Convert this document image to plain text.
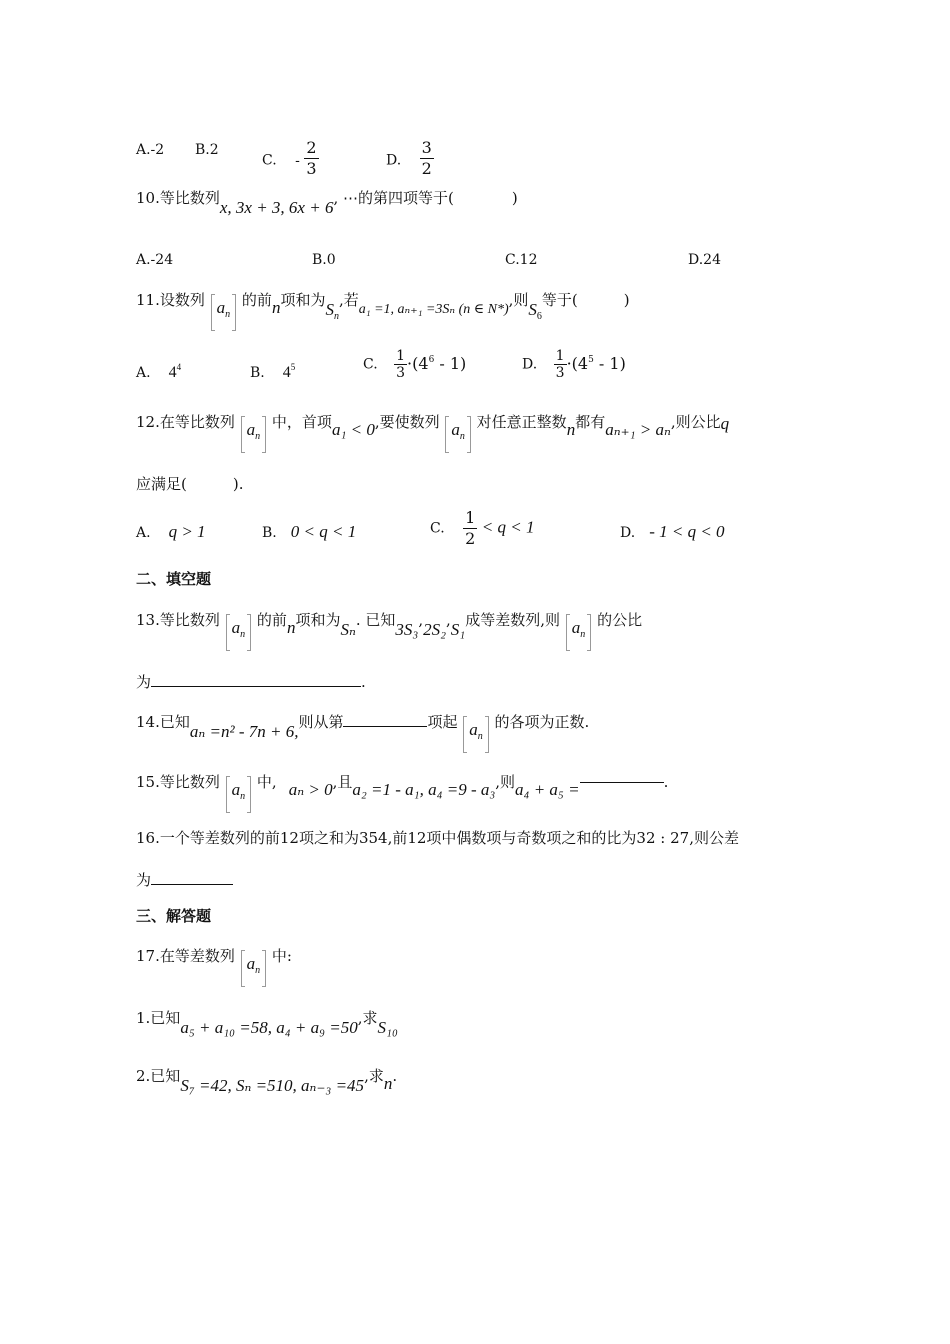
A.-2 B.2
C. - $\frac{2}{3}$	D. $\frac{3}{2}$
10.等比数列x, 3x + 3, 6x + 6, ⋯的第四项等于(	)
A.-24	B.0	C.12	D.24
11.设数列 $a_n$ 的前n项和为$S_n$,若a₁ =1, aₙ₊₁ =3Sₙ (n ∈ N*),则$S_6$等于(	)
A. $4^4$	B. $4^5$	C. $\frac{1}{3} \cdot(4^6 - 1)$	D. $\frac{1}{3} \cdot(4^5 - 1)$
12.在等比数列 $a_n$ 中，首项a₁ < 0,要使数列 $a_n$ 对任意正整数n都有aₙ₊₁ > aₙ,则公比q
应满足(	).
A. q > 1	B. 0 < q < 1	C. $\frac{1}{2} < q < 1$	D. - 1 < q < 0
二、填空题
13.等比数列 $a_n$ 的前n项和为Sₙ. 已知3S₃,2S₂,S₁成等差数列,则 $a_n$ 的公比
为	.
14.已知aₙ =n² - 7n + 6,则从第	项起 $a_n$ 的各项为正数.
15.等比数列 $a_n$ 中, aₙ > 0,且a₂ =1 - a₁, a₄ =9 - a₃,则a₄ + a₅ =	.
16.一个等差数列的前12项之和为354,前12项中偶数项与奇数项之和的比为32 : 27,则公差
为
三、解答题
17.在等差数列 $a_n$ 中:
1.已知a₅ + a₁₀ =58, a₄ + a₉ =50,求S₁₀
2.已知S₇ =42, Sₙ =510, aₙ₋₃ =45,求n.
